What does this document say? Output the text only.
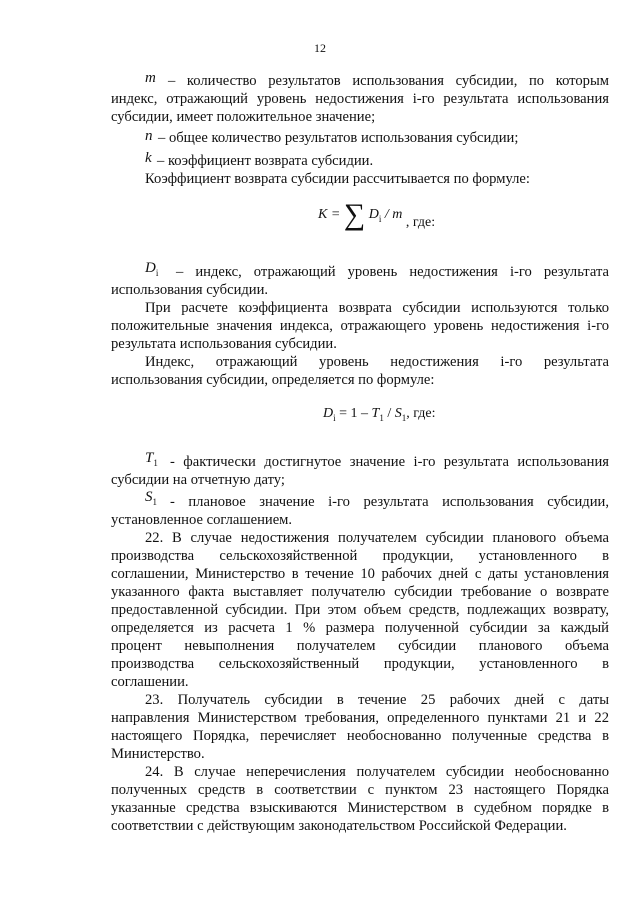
12
m – количество результатов использования субсидии, по которым
индекс, отражающий уровень недостижения i-го результата использования
субсидии, имеет положительное значение;
n – общее количество результатов использования субсидии;
k – коэффициент возврата субсидии.
Коэффициент возврата субсидии рассчитывается по формуле:
K = ∑ $D_i$ / m , где:
$D_i$ – индекс, отражающий уровень недостижения i-го результата
использования субсидии.
При расчете коэффициента возврата субсидии используются только
положительные значения индекса, отражающего уровень недостижения i-го
результата использования субсидии.
Индекс, отражающий уровень недостижения i-го результата
использования субсидии, определяется по формуле:
$D_i = 1 - T_1 / S_1$, где:
$T_1$ - фактически достигнутое значение i-го результата использования
субсидии на отчетную дату;
$S_1$ - плановое значение i-го результата использования субсидии,
установленное соглашением.
22. В случае недостижения получателем субсидии планового объема
производства сельскохозяйственной продукции, установленного в
соглашении, Министерство в течение 10 рабочих дней с даты установления
указанного факта выставляет получателю субсидии требование о возврате
предоставленной субсидии. При этом объем средств, подлежащих возврату,
определяется из расчета 1 % размера полученной субсидии за каждый
процент невыполнения получателем субсидии планового объема
производства сельскохозяйственный продукции, установленного в
соглашении.
23. Получатель субсидии в течение 25 рабочих дней с даты
направления Министерством требования, определенного пунктами 21 и 22
настоящего Порядка, перечисляет необоснованно полученные средства в
Министерство.
24. В случае неперечисления получателем субсидии необоснованно
полученных средств в соответствии с пунктом 23 настоящего Порядка
указанные средства взыскиваются Министерством в судебном порядке в
соответствии с действующим законодательством Российской Федерации.
